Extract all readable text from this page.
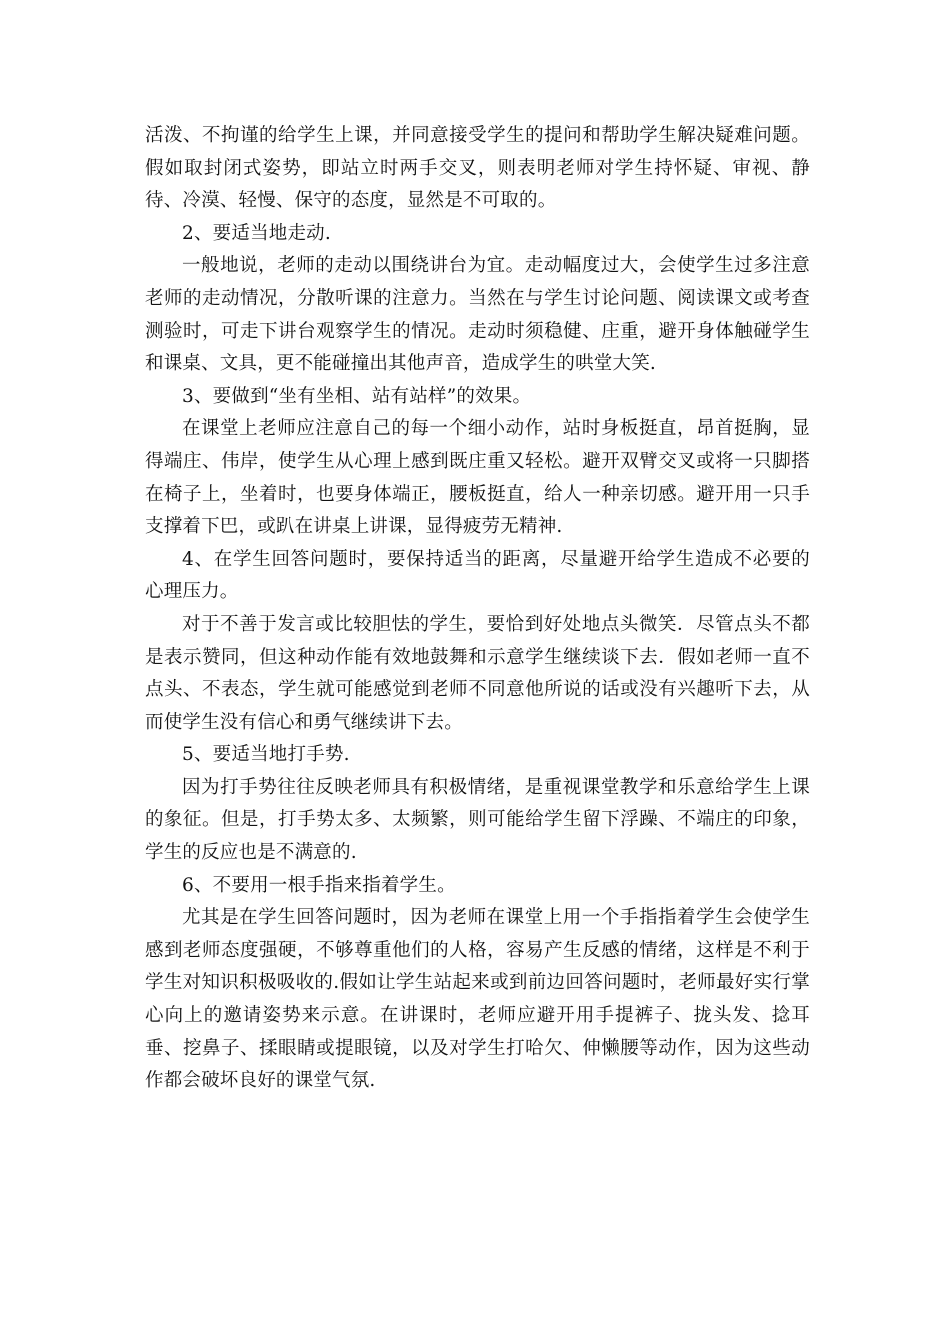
活泼、不拘谨的给学生上课，并同意接受学生的提问和帮助学生解决疑难问题。假如取封闭式姿势，即站立时两手交叉，则表明老师对学生持怀疑、审视、静待、冷漠、轻慢、保守的态度，显然是不可取的。

2、要适当地走动.

一般地说，老师的走动以围绕讲台为宜。走动幅度过大，会使学生过多注意老师的走动情况，分散听课的注意力。当然在与学生讨论问题、阅读课文或考查测验时，可走下讲台观察学生的情况。走动时须稳健、庄重，避开身体触碰学生和课桌、文具，更不能碰撞出其他声音，造成学生的哄堂大笑.

3、要做到“坐有坐相、站有站样”的效果。

在课堂上老师应注意自己的每一个细小动作，站时身板挺直，昂首挺胸，显得端庄、伟岸，使学生从心理上感到既庄重又轻松。避开双臂交叉或将一只脚搭在椅子上，坐着时，也要身体端正，腰板挺直，给人一种亲切感。避开用一只手支撑着下巴，或趴在讲桌上讲课，显得疲劳无精神.

4、在学生回答问题时，要保持适当的距离，尽量避开给学生造成不必要的心理压力。

对于不善于发言或比较胆怯的学生，要恰到好处地点头微笑．尽管点头不都是表示赞同，但这种动作能有效地鼓舞和示意学生继续谈下去．假如老师一直不点头、不表态，学生就可能感觉到老师不同意他所说的话或没有兴趣听下去，从而使学生没有信心和勇气继续讲下去。

5、要适当地打手势.

因为打手势往往反映老师具有积极情绪，是重视课堂教学和乐意给学生上课的象征。但是，打手势太多、太频繁，则可能给学生留下浮躁、不端庄的印象，学生的反应也是不满意的.

6、不要用一根手指来指着学生。

尤其是在学生回答问题时，因为老师在课堂上用一个手指指着学生会使学生感到老师态度强硬，不够尊重他们的人格，容易产生反感的情绪，这样是不利于学生对知识积极吸收的.假如让学生站起来或到前边回答问题时，老师最好实行掌心向上的邀请姿势来示意。在讲课时，老师应避开用手提裤子、拢头发、捻耳垂、挖鼻子、揉眼睛或提眼镜，以及对学生打哈欠、伸懒腰等动作，因为这些动作都会破坏良好的课堂气氛.
